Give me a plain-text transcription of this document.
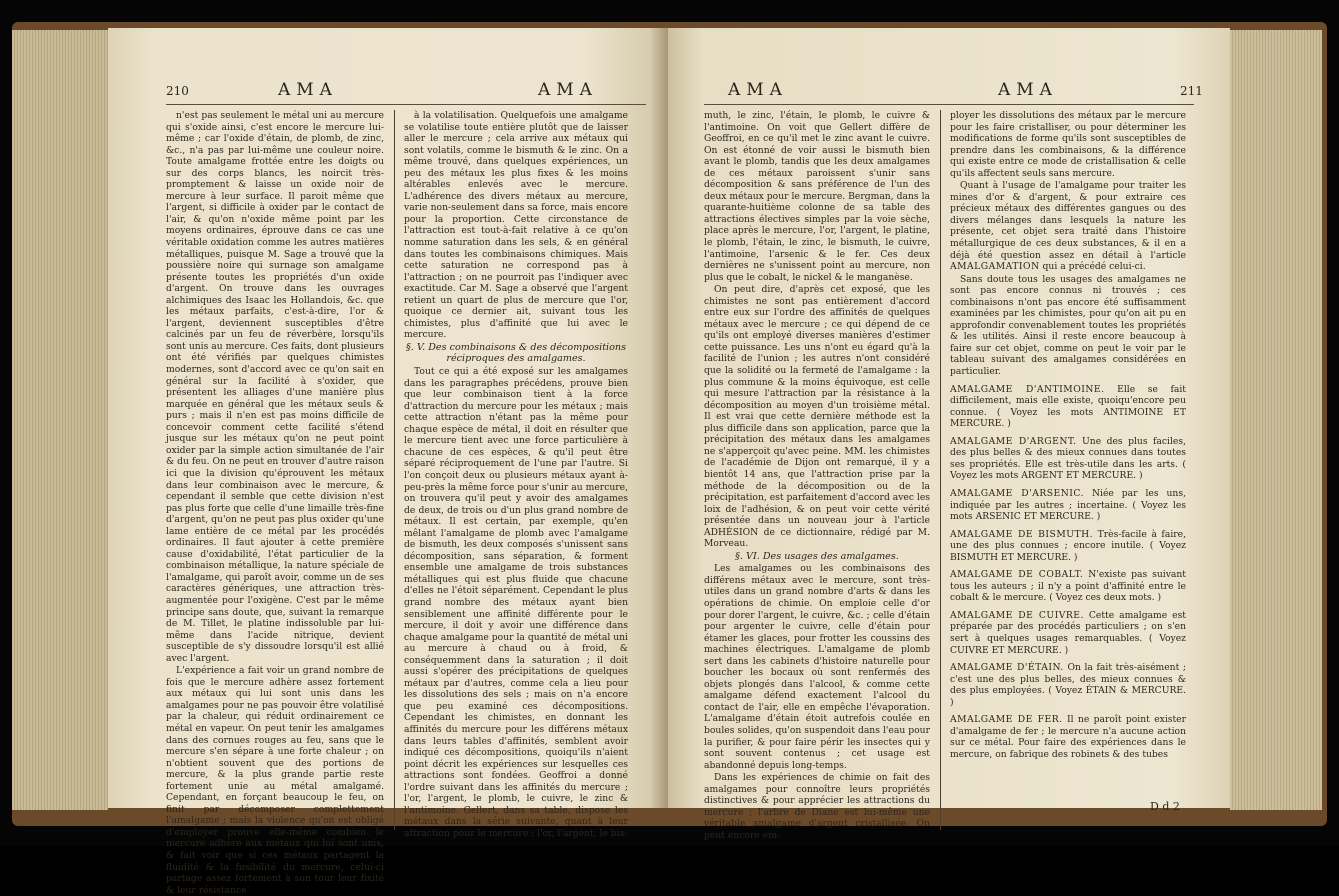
210	AMA	AMA

n'est pas seulement le métal uni au mercure qui s'oxide ainsi, c'est encore le mercure lui-même ; car l'oxide d'étain, de plomb, de zinc, &c., n'a pas par lui-même une couleur noire. Toute amalgame frottée entre les doigts ou sur des corps blancs, les noircit très-promptement & laisse un oxide noir de mercure à leur surface. Il paroit même que l'argent, si difficile à oxider par le contact de l'air, & qu'on n'oxide même point par les moyens ordinaires, éprouve dans ce cas une véritable oxidation comme les autres matières métalliques, puisque M. Sage a trouvé que la poussière noire qui surnage son amalgame présente toutes les propriétés d'un oxide d'argent. On trouve dans les ouvrages alchimiques des Isaac les Hollandois, &c. que les métaux parfaits, c'est-à-dire, l'or & l'argent, deviennent susceptibles d'être calcinés par un feu de réverbère, lorsqu'ils sont unis au mercure. Ces faits, dont plusieurs ont été vérifiés par quelques chimistes modernes, sont d'accord avec ce qu'on sait en général sur la facilité à s'oxider, que présentent les alliages d'une manière plus marquée en général que les métaux seuls & purs ; mais il n'en est pas moins difficile de concevoir comment cette facilité s'étend jusque sur les métaux qu'on ne peut point oxider par la simple action simultanée de l'air & du feu. On ne peut en trouver d'autre raison ici que la division qu'éprouvent les métaux dans leur combinaison avec le mercure, & cependant il semble que cette division n'est pas plus forte que celle d'une limaille très-fine d'argent, qu'on ne peut pas plus oxider qu'une lame entière de ce métal par les procédés ordinaires. Il faut ajouter à cette première cause d'oxidabilité, l'état particulier de la combinaison métallique, la nature spéciale de l'amalgame, qui paroît avoir, comme un de ses caractères génériques, une attraction très-augmentée pour l'oxigène. C'est par le même principe sans doute, que, suivant la remarque de M. Tillet, le platine indissoluble par lui-même dans l'acide nitrique, devient susceptible de s'y dissoudre lorsqu'il est allié avec l'argent.

L'expérience a fait voir un grand nombre de fois que le mercure adhère assez fortement aux métaux qui lui sont unis dans les amalgames pour ne pas pouvoir être volatilisé par la chaleur, qui réduit ordinairement ce métal en vapeur. On peut tenir les amalgames dans des cornues rouges au feu, sans que le mercure s'en sépare à une forte chaleur ; on n'obtient souvent que des portions de mercure, & la plus grande partie reste fortement unie au métal amalgamé. Cependant, en forçant beaucoup le feu, on finit par décomposer complettement l'amalgame ; mais la violence qu'on est obligé d'employer prouve elle-même combien le mercure adhère aux métaux qui lui sont unis, & fait voir que si ces métaux partagent la fluidité & la fusibilité du mercure, celui-ci partage assez fortement à son tour leur fixité & leur résistance

à la volatilisation. Quelquefois une amalgame se volatilise toute entière plutôt que de laisser aller le mercure ; cela arrive aux métaux qui sont volatils, comme le bismuth & le zinc. On a même trouvé, dans quelques expériences, un peu des métaux les plus fixes & les moins altérables enlevés avec le mercure. L'adhérence des divers métaux au mercure, varie non-seulement dans sa force, mais encore pour la proportion. Cette circonstance de l'attraction est tout-à-fait relative à ce qu'on nomme saturation dans les sels, & en général dans toutes les combinaisons chimiques. Mais cette saturation ne correspond pas à l'attraction ; on ne pourroit pas l'indiquer avec exactitude. Car M. Sage a observé que l'argent retient un quart de plus de mercure que l'or, quoique ce dernier ait, suivant tous les chimistes, plus d'affinité que lui avec le mercure.

§. V. Des combinaisons & des décompositions réciproques des amalgames.

Tout ce qui a été exposé sur les amalgames dans les paragraphes précédens, prouve bien que leur combinaison tient à la force d'attraction du mercure pour les métaux ; mais cette attraction n'étant pas la même pour chaque espèce de métal, il doit en résulter que le mercure tient avec une force particulière à chacune de ces espèces, & qu'il peut être séparé réciproquement de l'une par l'autre. Si l'on conçoit deux ou plusieurs métaux ayant à-peu-près la même force pour s'unir au mercure, on trouvera qu'il peut y avoir des amalgames de deux, de trois ou d'un plus grand nombre de métaux. Il est certain, par exemple, qu'en mêlant l'amalgame de plomb avec l'amalgame de bismuth, les deux composés s'unissent sans décomposition, sans séparation, & forment ensemble une amalgame de trois substances métalliques qui est plus fluide que chacune d'elles ne l'étoit séparément. Cependant le plus grand nombre des métaux ayant bien sensiblement une affinité différente pour le mercure, il doit y avoir une différence dans chaque amalgame pour la quantité de métal uni au mercure à chaud ou à froid, & conséquemment dans la saturation ; il doit aussi s'opérer des précipitations de quelques métaux par d'autres, comme cela a lieu pour les dissolutions des sels ; mais on n'a encore que peu examiné ces décompositions. Cependant les chimistes, en donnant les affinités du mercure pour les différens métaux dans leurs tables d'affinités, semblent avoir indiqué ces décompositions, quoiqu'ils n'aient point décrit les expériences sur lesquelles ces attractions sont fondées. Geoffroi a donné l'ordre suivant dans les affinités du mercure ; l'or, l'argent, le plomb, le cuivre, le zinc & l'antimoine. Gellert, dans sa table, dispose les métaux dans la série suivante, quant à leur attraction pour le mercure ; l'or, l'argent, le bis-

AMA	AMA	211

muth, le zinc, l'étain, le plomb, le cuivre & l'antimoine. On voit que Gellert diffère de Geoffroi, en ce qu'il met le zinc avant le cuivre. On est étonné de voir aussi le bismuth bien avant le plomb, tandis que les deux amalgames de ces métaux paroissent s'unir sans décomposition & sans préférence de l'un des deux métaux pour le mercure. Bergman, dans la quarante-huitième colonne de sa table des attractions électives simples par la voie sèche, place après le mercure, l'or, l'argent, le platine, le plomb, l'étain, le zinc, le bismuth, le cuivre, l'antimoine, l'arsenic & le fer. Ces deux dernières ne s'unissent point au mercure, non plus que le cobalt, le nickel & le manganèse.

On peut dire, d'après cet exposé, que les chimistes ne sont pas entièrement d'accord entre eux sur l'ordre des affinités de quelques métaux avec le mercure ; ce qui dépend de ce qu'ils ont employé diverses manières d'estimer cette puissance. Les uns n'ont eu égard qu'à la facilité de l'union ; les autres n'ont considéré que la solidité ou la fermeté de l'amalgame : la plus commune & la moins équivoque, est celle qui mesure l'attraction par la résistance à la décomposition au moyen d'un troisième métal. Il est vrai que cette dernière méthode est la plus difficile dans son application, parce que la précipitation des métaux dans les amalgames ne s'apperçoit qu'avec peine. MM. les chimistes de l'académie de Dijon ont remarqué, il y a bientôt 14 ans, que l'attraction prise par la méthode de la décomposition ou de la précipitation, est parfaitement d'accord avec les loix de l'adhésion, & on peut voir cette vérité présentée dans un nouveau jour à l'article ADHÉSION de ce dictionnaire, rédigé par M. Morveau.

§. VI. Des usages des amalgames.

Les amalgames ou les combinaisons des différens métaux avec le mercure, sont très-utiles dans un grand nombre d'arts & dans les opérations de chimie. On emploie celle d'or pour dorer l'argent, le cuivre, &c. ; celle d'étain pour argenter le cuivre, celle d'étain pour étamer les glaces, pour frotter les coussins des machines électriques. L'amalgame de plomb sert dans les cabinets d'histoire naturelle pour boucher les bocaux où sont renfermés des objets plongés dans l'alcool, & comme cette amalgame défend exactement l'alcool du contact de l'air, elle en empêche l'évaporation. L'amalgame d'étain étoit autrefois coulée en boules solides, qu'on suspendoit dans l'eau pour la purifier, & pour faire périr les insectes qui y sont souvent contenus ; cet usage est abandonné depuis long-temps.

Dans les expériences de chimie on fait des amalgames pour connoître leurs propriétés distinctives & pour apprécier les attractions du mercure ; l'arbre de Diane est lui-même une véritable amalgame d'argent cristallisée. On peut encore em-

ployer les dissolutions des métaux par le mercure pour les faire cristalliser, ou pour déterminer les modifications de forme qu'ils sont susceptibles de prendre dans les combinaisons, & la différence qui existe entre ce mode de cristallisation & celle qu'ils affectent seuls sans mercure.

Quant à l'usage de l'amalgame pour traiter les mines d'or & d'argent, & pour extraire ces précieux métaux des différentes gangues ou des divers mélanges dans lesquels la nature les présente, cet objet sera traité dans l'histoire métallurgique de ces deux substances, & il en a déjà été question assez en détail à l'article AMALGAMATION qui a précédé celui-ci.

Sans doute tous les usages des amalgames ne sont pas encore connus ni trouvés ; ces combinaisons n'ont pas encore été suffisamment examinées par les chimistes, pour qu'on ait pu en approfondir convenablement toutes les propriétés & les utilités. Ainsi il reste encore beaucoup à faire sur cet objet, comme on peut le voir par le tableau suivant des amalgames considérées en particulier.

AMALGAME D'ANTIMOINE. Elle se fait difficilement, mais elle existe, quoiqu'encore peu connue. ( Voyez les mots ANTIMOINE ET MERCURE. )

AMALGAME D'ARGENT. Une des plus faciles, des plus belles & des mieux connues dans toutes ses propriétés. Elle est très-utile dans les arts. ( Voyez les mots ARGENT ET MERCURE. )

AMALGAME D'ARSENIC. Niée par les uns, indiquée par les autres ; incertaine. ( Voyez les mots ARSENIC ET MERCURE. )

AMALGAME DE BISMUTH. Très-facile à faire, une des plus connues ; encore inutile. ( Voyez BISMUTH ET MERCURE. )

AMALGAME DE COBALT. N'existe pas suivant tous les auteurs ; il n'y a point d'affinité entre le cobalt & le mercure. ( Voyez ces deux mots. )

AMALGAME DE CUIVRE. Cette amalgame est préparée par des procédés particuliers ; on s'en sert à quelques usages remarquables. ( Voyez CUIVRE ET MERCURE. )

AMALGAME D'ÉTAIN. On la fait très-aisément ; c'est une des plus belles, des mieux connues & des plus employées. ( Voyez ÉTAIN & MERCURE. )

AMALGAME DE FER. Il ne paroît point exister d'amalgame de fer ; le mercure n'a aucune action sur ce métal. Pour faire des expériences dans le mercure, on fabrique des robinets & des tubes

D d 2
